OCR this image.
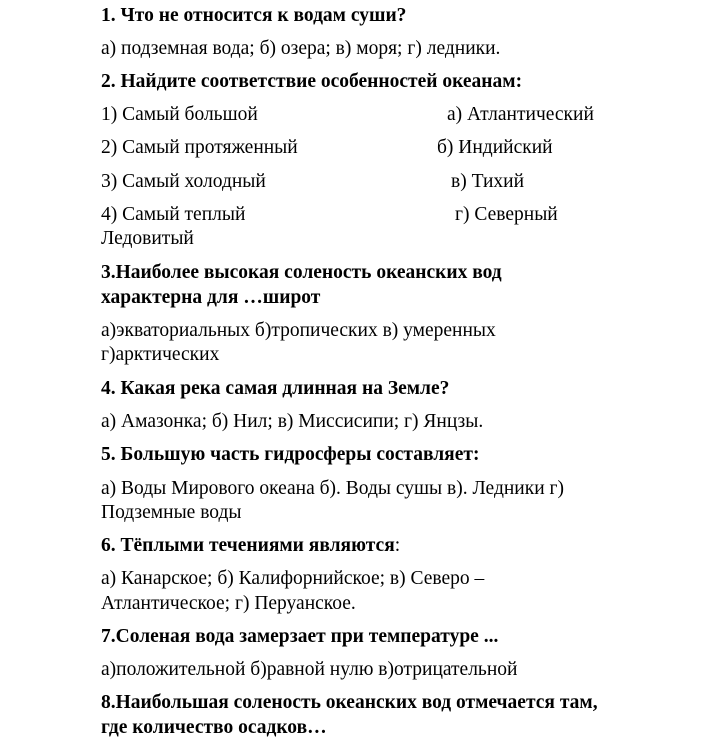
1. Что не относится к водам суши?
а) подземная вода; б) озера; в) моря; г) ледники.
2. Найдите соответствие особенностей океанам:
1) Самый большой	а) Атлантический
2) Самый протяженный	б) Индийский
3) Самый холодный	в) Тихий
4) Самый теплый	г) Северный
Ледовитый
3.Наиболее высокая соленость океанских вод
характерна для …широт
а)экваториальных б)тропических в) умеренных
г)арктических
4. Какая река самая длинная на Земле?
а) Амазонка; б) Нил; в) Миссисипи; г) Янцзы.
5. Большую часть гидросферы составляет:
а) Воды Мирового океана б). Воды сушы в). Ледники г)
Подземные воды
6. Тёплыми течениями являются:
а) Канарское; б) Калифорнийское; в) Северо –
Атлантическое; г) Перуанское.
7.Соленая вода замерзает при температуре ...
а)положительной б)равной нулю в)отрицательной
8.Наибольшая соленость океанских вод отмечается там,
где количество осадков…
